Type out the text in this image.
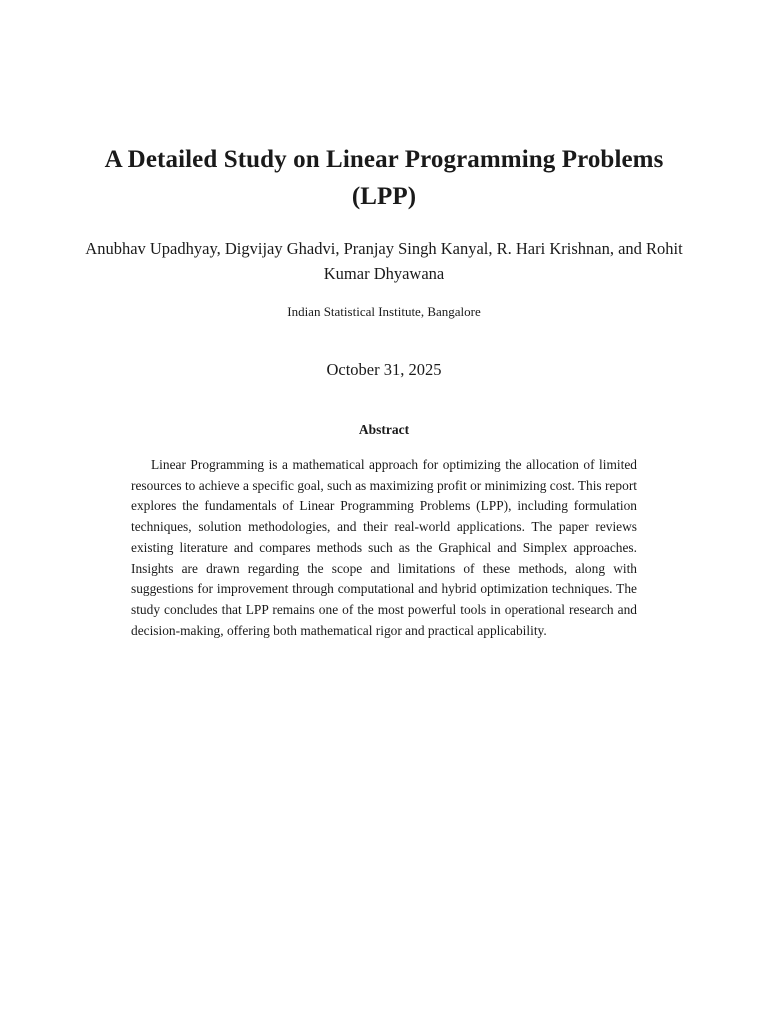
A Detailed Study on Linear Programming Problems (LPP)

Anubhav Upadhyay, Digvijay Ghadvi, Pranjay Singh Kanyal, R. Hari Krishnan, and Rohit Kumar Dhyawana

Indian Statistical Institute, Bangalore

October 31, 2025

Abstract

Linear Programming is a mathematical approach for optimizing the allocation of limited resources to achieve a specific goal, such as maximizing profit or minimizing cost. This report explores the fundamentals of Linear Programming Problems (LPP), including formulation techniques, solution methodologies, and their real-world applications. The paper reviews existing literature and compares methods such as the Graphical and Simplex approaches. Insights are drawn regarding the scope and limitations of these methods, along with suggestions for improvement through computational and hybrid optimization techniques. The study concludes that LPP remains one of the most powerful tools in operational research and decision-making, offering both mathematical rigor and practical applicability.
